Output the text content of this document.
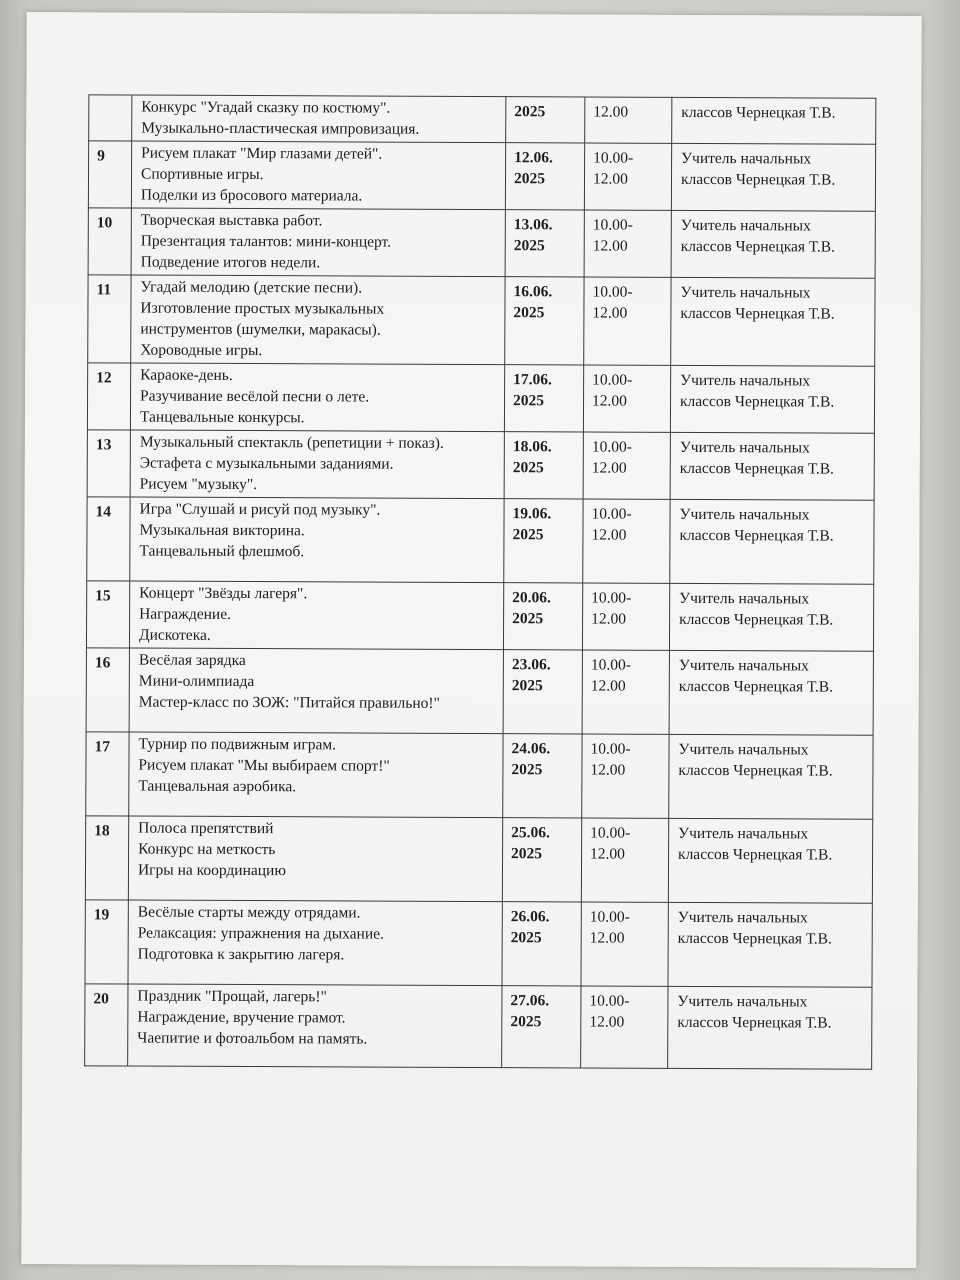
	Конкурс "Угадай сказку по костюму".
Музыкально-пластическая импровизация.	2025	12.00	классов Чернецкая Т.В.

9	Рисуем плакат "Мир глазами детей".
Спортивные игры.
Поделки из бросового материала.	12.06.
2025	10.00-
12.00	Учитель начальных
классов Чернецкая Т.В.

10	Творческая выставка работ.
Презентация талантов: мини-концерт.
Подведение итогов недели.	13.06.
2025	10.00-
12.00	Учитель начальных
классов Чернецкая Т.В.

11	Угадай мелодию (детские песни).
Изготовление простых музыкальных
инструментов (шумелки, маракасы).
Хороводные игры.	16.06.
2025	10.00-
12.00	Учитель начальных
классов Чернецкая Т.В.

12	Караоке-день.
Разучивание весёлой песни о лете.
Танцевальные конкурсы.	17.06.
2025	10.00-
12.00	Учитель начальных
классов Чернецкая Т.В.

13	Музыкальный спектакль (репетиции + показ).
Эстафета с музыкальными заданиями.
Рисуем "музыку".	18.06.
2025	10.00-
12.00	Учитель начальных
классов Чернецкая Т.В.

14	Игра "Слушай и рисуй под музыку".
Музыкальная викторина.
Танцевальный флешмоб.	19.06.
2025	10.00-
12.00	Учитель начальных
классов Чернецкая Т.В.

15	Концерт "Звёзды лагеря".
Награждение.
Дискотека.	20.06.
2025	10.00-
12.00	Учитель начальных
классов Чернецкая Т.В.

16	Весёлая зарядка
Мини-олимпиада
Мастер-класс по ЗОЖ: "Питайся правильно!"	23.06.
2025	10.00-
12.00	Учитель начальных
классов Чернецкая Т.В.

17	Турнир по подвижным играм.
Рисуем плакат "Мы выбираем спорт!"
Танцевальная аэробика.	24.06.
2025	10.00-
12.00	Учитель начальных
классов Чернецкая Т.В.

18	Полоса препятствий
Конкурс на меткость
Игры на координацию	25.06.
2025	10.00-
12.00	Учитель начальных
классов Чернецкая Т.В.

19	Весёлые старты между отрядами.
Релаксация: упражнения на дыхание.
Подготовка к закрытию лагеря.	26.06.
2025	10.00-
12.00	Учитель начальных
классов Чернецкая Т.В.

20	Праздник "Прощай, лагерь!"
Награждение, вручение грамот.
Чаепитие и фотоальбом на память.	27.06.
2025	10.00-
12.00	Учитель начальных
классов Чернецкая Т.В.
